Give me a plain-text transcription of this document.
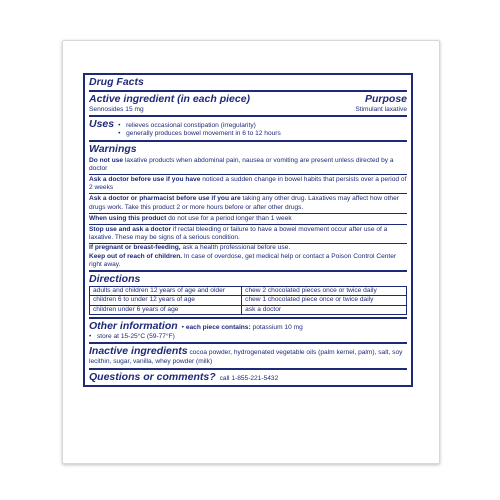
Drug Facts
Active ingredient (in each piece)	Purpose
Sennosides 15 mg	Stimulant laxative
Uses • relieves occasional constipation (irregularity)
• generally produces bowel movement in 6 to 12 hours
Warnings
Do not use laxative products when abdominal pain, nausea or vomiting are present unless directed by a doctor
Ask a doctor before use if you have noticed a sudden change in bowel habits that persists over a period of 2 weeks
Ask a doctor or pharmacist before use if you are taking any other drug. Laxatives may affect how other drugs work. Take this product 2 or more hours before or after other drugs.
When using this product do not use for a period longer than 1 week
Stop use and ask a doctor if rectal bleeding or failure to have a bowel movement occur after use of a laxative. These may be signs of a serious condition.
If pregnant or breast-feeding, ask a health professional before use.
Keep out of reach of children. In case of overdose, get medical help or contact a Poison Control Center right away.
Directions
adults and children 12 years of age and older	chew 2 chocolated pieces once or twice daily
children 6 to under 12 years of age	chew 1 chocolated piece once or twice daily
children under 6 years of age	ask a doctor
Other information • each piece contains: potassium 10 mg
• store at 15-25°C (59-77°F)
Inactive ingredients cocoa powder, hydrogenated vegetable oils (palm kernel, palm), salt, soy lecithin, sugar, vanilla, whey powder (milk)
Questions or comments? call 1-855-221-5432
